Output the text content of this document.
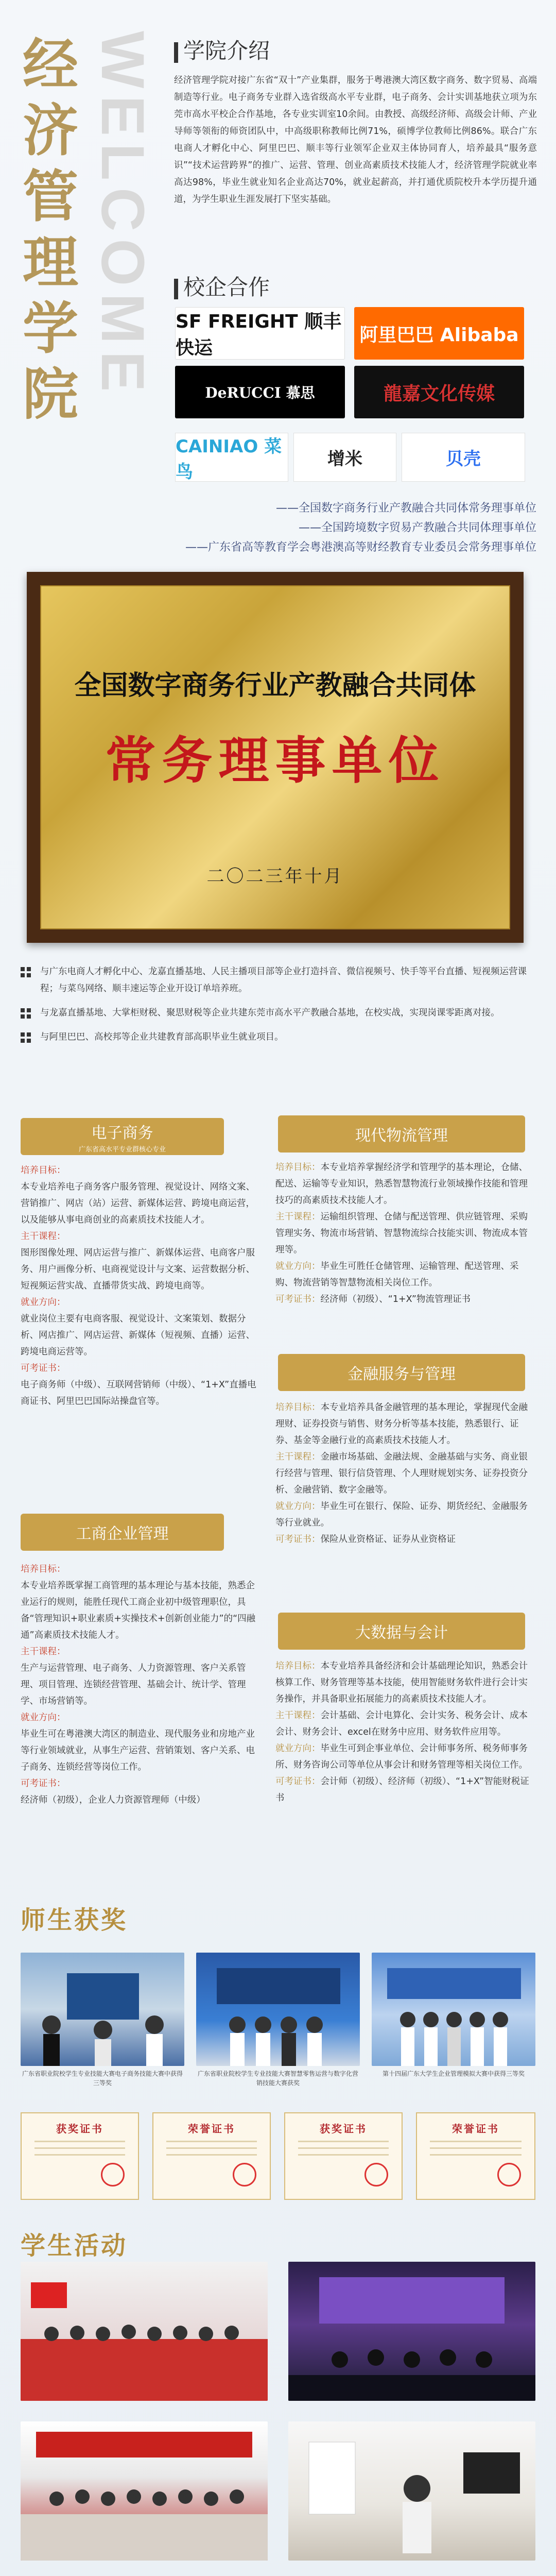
经
济
管
理
学
院 WELCOME	学院介绍

经济管理学院对接广东省“双十”产业集群，服务于粤港澳大湾区数字商务、数字贸易、高端制造等行业。电子商务专业群入选省级高水平专业群，电子商务、会计实训基地获立项为东莞市高水平校企合作基地，各专业实训室10余间。由教授、高级经济师、高级会计师、产业导师等领衔的师资团队中，中高级职称教师比例71%，硕博学位教师比例86%。联合广东电商人才孵化中心、阿里巴巴、顺丰等行业领军企业双主体协同育人，培养最具“服务意识”“技术运营跨界”的推广、运营、管理、创业高素质技术技能人才，经济管理学院就业率高达98%，毕业生就业知名企业高达70%，就业起薪高，并打通优质院校升本学历提升通道，为学生职业生涯发展打下坚实基础。

校企合作
SF FREIGHT 顺丰快运
阿里巴巴 Alibaba
DeRUCCI 慕思	龍嘉文化传媒
CAINIAO 菜鸟
增米	贝壳
——全国数字商务行业产教融合共同体常务理事单位
——全国跨境数字贸易产教融合共同体理事单位
——广东省高等教育学会粤港澳高等财经教育专业委员会常务理事单位
全国数字商务行业产教融合共同体
常务理事单位
二〇二三年十月
与广东电商人才孵化中心、龙嘉直播基地、人民主播项目部等企业打造抖音、微信视频号、快手等平台直播、短视频运营课程；与菜鸟网络、顺丰速运等企业开设订单培养班。
与龙嘉直播基地、大掌柜财税、聚思财税等企业共建东莞市高水平产教融合基地，在校实战，实现岗课零距离对接。
与阿里巴巴、高校邦等企业共建教育部高职毕业生就业项目。
电子商务
广东省高水平专业群核心专业

培养目标：

本专业培养电子商务客户服务管理、视觉设计、网络文案、营销推广、网店（站）运营、新媒体运营、跨境电商运营，以及能够从事电商创业的高素质技术技能人才。

主干课程：

图形图像处理、网店运营与推广、新媒体运营、电商客户服务、用户画像分析、电商视觉设计与文案、运营数据分析、短视频运营实战、直播带货实战、跨境电商等。

就业方向：

就业岗位主要有电商客服、视觉设计、文案策划、数据分析、网店推广、网店运营、新媒体（短视频、直播）运营、跨境电商运营等。

可考证书：

电子商务师（中级）、互联网营销师（中级）、“1+X”直播电商证书、阿里巴巴国际站操盘官等。

工商企业管理

培养目标：

本专业培养既掌握工商管理的基本理论与基本技能，熟悉企业运行的规则，能胜任现代工商企业初中级管理职位，具备“管理知识+职业素质+实操技术+创新创业能力”的“四融通”高素质技术技能人才。

主干课程：

生产与运营管理、电子商务、人力资源管理、客户关系管理、项目管理、连锁经营管理、基础会计、统计学、管理学、市场营销等。

就业方向：

毕业生可在粤港澳大湾区的制造业、现代服务业和房地产业等行业领域就业，从事生产运营、营销策划、客户关系、电子商务、连锁经营等岗位工作。

可考证书：

经济师（初级），企业人力资源管理师（中级）

现代物流管理

培养目标：本专业培养掌握经济学和管理学的基本理论，仓储、配送、运输等专业知识，熟悉智慧物流行业领域操作技能和管理技巧的高素质技术技能人才。

主干课程：运输组织管理、仓储与配送管理、供应链管理、采购管理实务、物流市场营销、智慧物流综合技能实训、物流成本管理等。

就业方向：毕业生可胜任仓储管理、运输管理、配送管理、采购、物流营销等智慧物流相关岗位工作。

可考证书：经济师（初级）、“1+X”物流管理证书

金融服务与管理

培养目标：本专业培养具备金融管理的基本理论，掌握现代金融理财、证券投资与销售、财务分析等基本技能，熟悉银行、证券、基金等金融行业的高素质技术技能人才。

主干课程：金融市场基础、金融法规、金融基础与实务、商业银行经营与管理、银行信贷管理、个人理财规划实务、证券投资分析、金融营销、数字金融等。

就业方向：毕业生可在银行、保险、证券、期货经纪、金融服务等行业就业。

可考证书：保险从业资格证、证券从业资格证

大数据与会计

培养目标：本专业培养具备经济和会计基础理论知识，熟悉会计核算工作、财务管理等基本技能，使用智能财务软件进行会计实务操作，并具备职业拓展能力的高素质技术技能人才。

主干课程：会计基础、会计电算化、会计实务、税务会计、成本会计、财务会计、excel在财务中应用、财务软件应用等。

就业方向：毕业生可到企事业单位、会计师事务所、税务师事务所、财务咨询公司等单位从事会计和财务管理等相关岗位工作。

可考证书：会计师（初级）、经济师（初级）、“1+X”智能财税证书

师生获奖
广东省职业院校学生专业技能大赛电子商务技能大赛中获得三等奖
广东省职业院校学生专业技能大赛智慧零售运营与数字化营销技能大赛获奖
第十四届广东大学生企业管理模拟大赛中获得三等奖
获奖证书	荣誉证书	获奖证书	荣誉证书
学生活动
